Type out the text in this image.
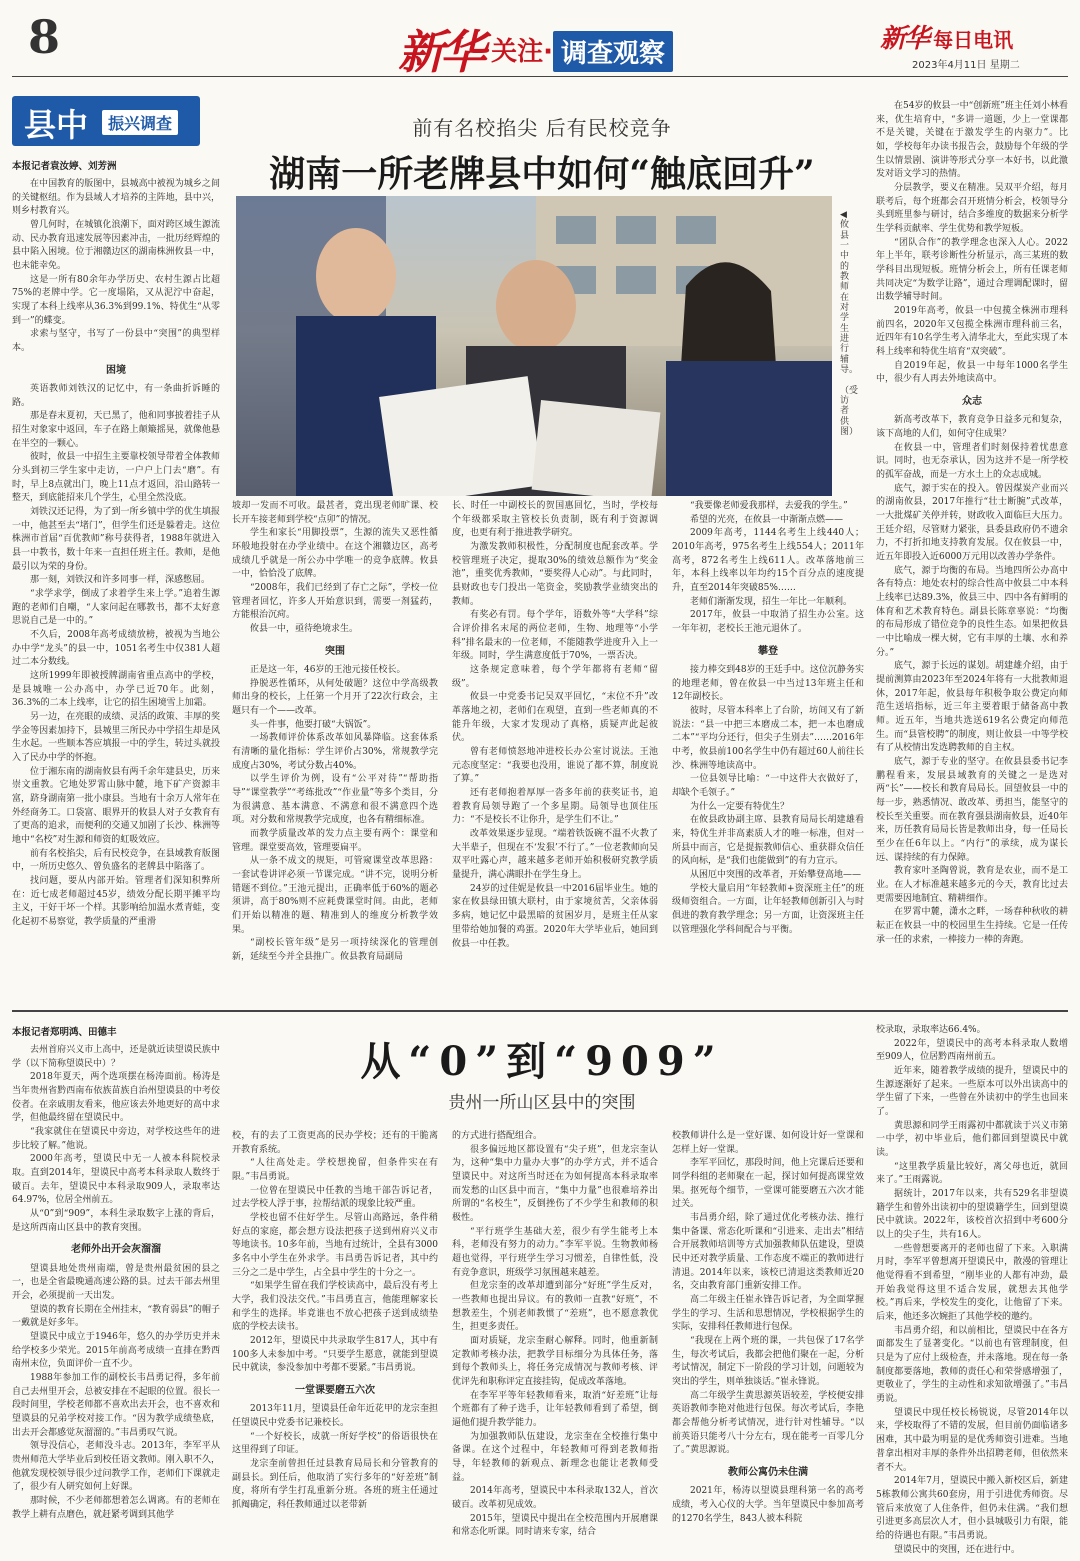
8	新华 关注· 调查观察	新华 每日电讯
2023年4月11日 星期二
县中	振兴调查
本报记者袁汝婷、刘芳洲
前有名校掐尖 后有民校竞争
湖南一所老牌县中如何“触底回升”
◀攸县一中的教师在对学生进行辅导。
（受访者供图）

在中国教育的版图中，县城高中被视为城乡之间的关键枢纽。作为县域人才培养的主阵地，县中兴，则乡村教育兴。

曾几何时，在城镇化浪潮下，面对跨区域生源流动、民办教育迅速发展等因素冲击，一批历经辉煌的县中陷入困境。位于湘赣边区的湖南株洲攸县一中，也未能幸免。

这是一所有80余年办学历史、农村生源占比超75%的老牌中学。它一度塌陷，又从泥泞中奋起，实现了本科上线率从36.3%到99.1%、特优生“从零到一”的蝶变。

求索与坚守，书写了一份县中“突围”的典型样本。

困境

英语教师刘铁汉的记忆中，有一条曲折诉睡的路。

那是春末夏初，天已黑了，他和同事披着挂子从招生对象家中返回，车子在路上颠簸摇晃，就像他悬在半空的一颗心。

彼时，攸县一中招生主要靠校领导带着全体教师分头到初三学生家中走访，一户户上门去“磨”。有时，早上8点就出门，晚上11点才返回，沿山路转一整天，到底能招来几个学生，心里全然没底。

刘铁汉还记得，为了到一所乡镇中学的优生填报一中，他甚至去“堵门”，但学生们还是躲着走。这位株洲市首届“百优教师”称号获得者，1988年就进入县一中教书，数十年来一直担任班主任。教师，是他最引以为荣的身份。

那一刻，刘铁汉和许多同事一样，深感憋屈。

“求学求学，倒成了求着学生来上学。”追着生源跑的老师们自嘲，“人家问起在哪教书，都不太好意思说自己是一中的。”

不久后，2008年高考成绩放榜，被视为当地公办中学“龙头”的县一中，1051名考生中仅381人超过二本分数线。

这所1999年即被授牌湖南省重点高中的学校，是县城唯一公办高中，办学已近70年。此刻，36.3%的二本上线率，让它的招生困境雪上加霜。

另一边，在亮眼的成绩、灵活的政策、丰厚的奖学金等因素加持下，县城里三所民办中学招生却是风生水起。一些顺本答应填报一中的学生，转过头就投入了民办中学的怀抱。

位于湘东南的湖南攸县有两千余年建县史，历来崇文重教。它地处罗霄山脉中麓，地下矿产资源丰富，跻身湖南第一批小康县。当地有十余万人常年在外经商务工。口袋富、眼界开的攸县人对子女教育有了更高的追求，而便利的交通又加剧了长沙、株洲等地中“名校”对生源和师资的虹吸效应。

前有名校掐尖，后有民校竞争，在县域教育版图中，一所历史悠久、曾负盛名的老牌县中陷落了。

找问题，要从内部开始。管理者们深知积弊所在：近七成老师超过45岁，绩效分配长期平摊平均主义，干好干坏一个样。其影响给加温水煮青蛙，变化起初不易察觉，教学质量的严重滑

坡却一发而不可收。最甚者，竟出现老师旷课、校长开车接老师到学校“点卯”的情况。

学生和家长“用脚投票”，生源的流失又恶性循环般地投射在办学业绩中。在这个湘赣边区，高考成绩几乎就是一所公办中学唯一的竞争底牌。攸县一中，恰恰没了底牌。

“2008年，我们已经到了存亡之际”，学校一位管理者回忆，许多人开始意识到，需要一剂猛药，方能根治沉疴。

攸县一中，亟待绝境求生。

突围

正是这一年，46岁的王池元接任校长。

挣脱恶性循环，从何处破题？这位中学高级教师出身的校长，上任第一个月开了22次行政会，主题只有一个——改革。

头一件事，他要打破“大锅饭”。

一场教师评价体系改革如风暴降临。这套体系有清晰的量化指标：学生评价占30%，常规教学完成度占30%，考试分数占40%。

以学生评价为例，设有“公平对待”“帮助指导”“课堂教学”“考练批改”“作业量”等多个类目，分为很满意、基本满意、不满意和很不满意四个选项。对分数和常规教学完成度，也各有精细标准。

而教学质量改革的发力点主要有两个：课堂和管理。课堂要高效，管理要扁平。

从一条不成文的规矩，可管窥课堂改革思路：一套试卷讲评必须一节课完成。“讲不完，说明分析错题不到位。”王池元提出，正确率低于60%的题必须讲，高于80%则不应耗费课堂时间。由此，老师们开始以精准的题、精准到人的维度分析教学效果。

“副校长管年级”是另一项持续深化的管理创新，延续至今并全县推广。攸县教育局副局

长、时任一中副校长的贺国惠回忆，当时，学校每个年级都采取主管校长负责制，既有利于资源调度，也更有利于推进教学研究。

为激发教师积极性，分配制度也配套改革。学校管理班子决定，提取30%的绩效总额作为“奖金池”，重奖优秀教师，“要奖得人心动”。与此同时，县财政也专门投出一笔资金，奖励教学业绩突出的教师。

有奖必有罚。每个学年，语数外等“大学科”综合评价排名末尾的两位老师，生物、地理等“小学科”排名最末的一位老师，不能随教学进度升入上一年级。同时，学生满意度低于70%，一票否决。

这条规定意味着，每个学年都将有老师“留级”。

攸县一中党委书记吴双平回忆，“末位不升”改革落地之初，老师们在观望，直到一些老师真的不能升年级，大家才发现动了真格，质疑声此起彼伏。

曾有老师愤怒地冲进校长办公室讨说法。王池元态度坚定：“我要也没用，谁说了都不算，制度说了算。”

还有老师抱着厚厚一沓多年前的获奖证书，追着教育局领导跑了一个多星期。局领导也顶住压力：“不是校长不让你升，是学生们不让。”

改革效果逐步显现。“端着铁饭碗不温不火教了大半辈子，但现在不‘发狠’不行了。”一位老教师向吴双平吐露心声，越来越多老师开始积极研究教学质量提升，满心满眼扑在学生身上。

24岁的过佳妮是攸县一中2016届毕业生。她的家在攸县绿田镇大联村，由于家境贫苦，父亲体弱多病，她记忆中最黑暗的贫困岁月，是班主任从家里带给她加餐的鸡蛋。2020年大学毕业后，她回到攸县一中任教。

“我要像老师爱我那样，去爱我的学生。”

希望的光亮，在攸县一中渐渐点燃——

2009年高考，1144名考生上线440人；2010年高考，975名考生上线554人；2011年高考，872名考生上线611人。改革落地前三年，本科上线率以年均约15个百分点的速度提升，直至2014年突破85%……

老师们渐渐发现，招生一年比一年顺利。

2017年，攸县一中取消了招生办公室。这一年年初，老校长王池元退休了。

攀登

接力棒交到48岁的王廷手中。这位沉静务实的地理老师，曾在攸县一中当过13年班主任和12年副校长。

彼时，尽管本科率上了台阶，坊间又有了新说法：“县一中把三本磨成二本，把一本也磨成二本”“平均分还行，但尖子生别去”……2016年中考，攸县前100名学生中仍有超过60人前往长沙、株洲等地读高中。

一位县领导比喻：“一中这件大衣做好了，却缺个毛领子。”

为什么一定要有特优生？

在攸县政协副主席、县教育局局长胡建雄看来，特优生并非高素质人才的唯一标准，但对一所县中而言，它是提振教师信心、重获群众信任的风向标，是“我们也能做到”的有力宣示。

从困厄中突围的改革者，开始攀登高地——

学校大量启用“年轻教师+资深班主任”的班级师资组合。一方面，让年轻教师创新引入与时俱进的教育教学理念；另一方面，让资深班主任以管理强化学科间配合与平衡。

在54岁的攸县一中“创新班”班主任刘小林看来，优生培育中，“多讲一道题，少上一堂课都不是关键，关键在于激发学生的内驱力”。比如，学校每年办读书报告会，鼓励每个年级的学生以情景剧、演讲等形式分享一本好书，以此激发对语文学习的热情。

分层教学，要义在精准。吴双平介绍，每月联考后，每个班都会召开班情分析会，校领导分头到班里参与研讨，结合多维度的数据来分析学生学科贡献率、学生优势和教学短板。

“团队合作”的教学理念也深入人心。2022年上半年，联考诊断性分析显示，高三某班的数学科目出现短板。班情分析会上，所有任课老师共同决定“为数学让路”，通过合理调配课时，留出数学辅导时间。

2019年高考，攸县一中包揽全株洲市理科前四名，2020年又包揽全株洲市理科前三名，近四年有10名学生考入清华北大，至此实现了本科上线率和特优生培育“双突破”。

自2019年起，攸县一中每年1000名学生中，很少有人再去外地读高中。

众志

新高考改革下，教育竞争日益多元和复杂，该下高地的人们，如何守住成果？

在攸县一中，管理者们时刻保持着忧患意识。同时，也无奈承认，因为这并不是一所学校的孤军奋战，而是一方水土上的众志成城。

底气，源于实在的投入。曾因煤炭产业而兴的湖南攸县，2017年推行“壮士断腕”式改革，一大批煤矿关停并转，财政收入面临巨大压力。王廷介绍，尽管财力紧张，县委县政府仍不遗余力，不打折扣地支持教育发展。仅在攸县一中，近五年即投入近6000万元用以改善办学条件。

底气，源于均衡的布局。当地四所公办高中各有特点：地处农村的综合性高中攸县二中本科上线率已达89.3%，攸县三中、四中各有鲜明的体育和艺术教育特色。副县长陈章辜说：“均衡的布局形成了错位竞争的良性生态。如果把攸县一中比喻成一棵大树，它有丰厚的土壤、水和养分。”

底气，源于长远的谋划。胡建雄介绍，由于提前测算由2023年至2024年将有一大批教师退休，2017年起，攸县每年积极争取公费定向师范生送培指标，近三年主要着眼于储备高中教师。近五年，当地共选送619名公费定向师范生。而“县管校聘”的制度，则让攸县一中等学校有了从校情出发选聘教师的自主权。

底气，源于专业的坚守。在攸县县委书记李鹏程看来，发展县域教育的关键之一是选对两“长”——校长和教育局局长。回望攸县一中的每一步，熟悉情况、敢改革、勇担当，能坚守的校长至关重要。而在教育强县湖南攸县，近40年来，历任教育局局长皆是教师出身，每一任局长至少在任6年以上。“内行”的承续，成为谋长远、谋持续的有力保障。

教育家叶圣陶曾说，教育是农业，而不是工业。在人才标准越来越多元的今天，教育比过去更需要因地制宜、精耕细作。

在罗霄中麓，潇水之畔，一场春种秋收的耕耘正在攸县一中的校园里生生持续。它是一任传承一任的求索，一棒接力一棒的奔跑。

本报记者郑明鸿、田德丰
从“0”到“909”
贵州一所山区县中的突围

去州首府兴义市上高中，还是就近读望谟民族中学（以下简称望谟民中）？

2018年夏天，两个选项摆在杨涛面前。杨涛是当年贵州省黔西南布依族苗族自治州望谟县的中考佼佼者。在亲戚朋友看来，他应该去外地更好的高中求学，但他最终留在望谟民中。

“我家就住在望谟民中旁边，对学校这些年的进步比较了解。”他说。

2000年高考，望谟民中无一人被本科院校录取。直到2014年，望谟民中高考本科录取人数终于破百。去年，望谟民中本科录取909人，录取率达64.97%，位居全州前五。

从“0”到“909”，本科生录取数字上涨的背后，是这所西南山区县中的教育突围。

老师外出开会灰溜溜

望谟县地处贵州南端，曾是贵州最贫困的县之一，也是全省最晚通高速公路的县。过去干部去州里开会，必须提前一天出发。

望谟的教育长期在全州挂末，“教育弱县”的帽子一戴就是好多年。

望谟民中成立于1946年，悠久的办学历史并未给学校多少荣光。2015年前高考成绩一直排在黔西南州末位，负面评价一直不少。

1988年参加工作的副校长韦昌勇记得，多年前自己去州里开会，总被安排在不起眼的位置。很长一段时间里，学校老师都不喜欢出去开会，也不喜欢和望谟县的兄弟学校对接工作。“因为教学成绩垫底，出去开会都感觉灰溜溜的。”韦昌勇叹气说。

领导没信心，老师没斗志。2013年，李军平从贵州师范大学毕业后到校任语文教师。刚入职不久，他就发现校领导很少过问教学工作，老师们下课就走了，很少有人研究如何上好课。

那时候，不少老师都想着怎么调离。有的老师在教学上耕有点磨色，就赶紧考调到其他学

校，有的去了工资更高的民办学校；还有的干脆离开教育系统。

“人往高处走。学校想挽留，但条件实在有限。”韦昌勇说。

一位曾在望谟民中任教的当地干部告诉记者，过去学校人浮于事，拉帮结派的现象比较严重。

学校也留不住好学生。尽管山高路远，条件稍好点的家庭，都会想方设法把孩子送到州府兴义市等地读书。10多年前，当地有过统计，全县有3000多名中小学生在外求学。韦昌勇告诉记者，其中约三分之二是中学生，占全县中学生的十分之一。

“如果学生留在我们学校读高中，最后没有考上大学，我们没法交代。”韦昌勇直言，他能理解家长和学生的选择。毕竟谁也不放心把孩子送到成绩垫底的学校去读书。

2012年，望谟民中共录取学生817人，其中有100多人未参加中考。“只要学生愿意，就能到望谟民中就读，参没参加中考都不要紧。”韦昌勇说。

一堂课要磨五六次

2013年11月，望谟县任命年近花甲的龙宗奎担任望谟民中党委书记兼校长。

“一个好校长，成就一所好学校”的俗语很快在这里得到了印证。

龙宗奎前曾担任过县教育局局长和分管教育的副县长。到任后，他取消了实行多年的“好差班”制度，将所有学生打乱重新分班。各班的班主任通过抓阄确定，科任教师通过以老带新

的方式进行搭配组合。

很多偏远地区都设置有“尖子班”，但龙宗奎认为，这种“集中力量办大事”的办学方式，并不适合望谟民中。对这所当时还在为如何提高本科录取率而发愁的山区县中而言，“集中力量”也很难培养出所谓的“名校生”，反倒挫伤了不少学生和教师的积极性。

“平行班学生基础大差，很少有学生能考上本科，老师没有努力的动力。”李军平说。生物教师杨超也觉得，平行班学生学习习惯差，自律性低，没有竞争意识，班级学习氛围越来越差。

但龙宗奎的改革却遭到部分“好班”学生反对，一些教师也提出异议。有的教师一直教“好班”，不想教差生，个别老师教惯了“差班”，也不愿意教优生，担更多责任。

面对质疑，龙宗奎耐心解释。同时，他重新制定教师考核办法，把教学目标细分为具体任务，落到每个教师头上，将任务完成情况与教师考核、评优评先和职称评定直接挂钩，促成改革落地。

在李军平等年轻教师看来，取消“好差班”让每个班都有了种子选手，让年轻教师看到了希望，倒逼他们提升教学能力。

为加强教师队伍建设，龙宗奎在全校推行集中备课。在这个过程中，年轻教师可得到老教师指导，年轻教师的新观点、新理念也能让老教师受益。

2014年高考，望谟民中本科录取132人，首次破百。改革初见成效。

2015年，望谟民中提出在全校范围内开展磨课和常态化听课。同时请来专家，结合

校教师讲什么是一堂好课、如何设计好一堂课和怎样上好一堂课。

李军平回忆，那段时间，他上完课后还要和同学科组的老师聚在一起，探讨如何提高课堂效果。抠死每个细节，一堂课可能要磨五六次才能过关。

韦昌勇介绍，除了通过优化考核办法、推行集中备课、常态化听课和“引进来、走出去”相结合开展教师培训等方式加强教师队伍建设，望谟民中还对教学质量、工作态度不端正的教师进行清退。2014年以来，该校已清退这类教师近20名，交由教育部门重新安排工作。

高二年级主任崔永锋告诉记者，为全面掌握学生的学习、生活和思想情况，学校根据学生的实际，安排科任教师进行包保。

“我现在上两个班的课，一共包保了17名学生，每次考试后，我都会把他们聚在一起，分析考试情况，制定下一阶段的学习计划，问题较为突出的学生，则单独谈话。”崔永锋说。

高二年级学生黄思源英语较差，学校便安排英语教师李艳对他进行包保。每次考试后，李艳都会帮他分析考试情况，进行针对性辅导。“以前英语只能考八十分左右，现在能考一百零几分了。”黄思源说。

教师公寓仍未住满

2021年，杨涛以望谟县理科第一名的高考成绩，考入心仪的大学。当年望谟民中参加高考的1270名学生，843人被本科院

校录取，录取率达66.4%。

2022年，望谟民中的高考本科录取人数增至909人，位居黔西南州前五。

近年来，随着教学成绩的提升，望谟民中的生源逐渐好了起来。一些原本可以外出读高中的学生留了下来，一些曾在外读初中的学生也回来了。

黄思源和同学王雨露初中都就读于兴义市第一中学，初中毕业后，他们都回到望谟民中就读。

“这里教学质量比较好，离父母也近，就回来了。”王雨露说。

据统计，2017年以来，共有529名非望谟籍学生和曾外出读初中的望谟籍学生，回到望谟民中就读。2022年，该校首次招到中考600分以上的尖子生，共有16人。

一些曾想要离开的老师也留了下来。入职满月时，李军平曾想离开望谟民中，散漫的管理让他觉得看不到希望，“刚毕业的人都有冲劲，最开始我觉得这里不适合发展，就想去其他学校。”再后来，学校发生的变化，让他留了下来。后来，他还多次婉拒了其他学校的邀约。

韦昌勇介绍，和以前相比，望谟民中在各方面都发生了显著变化。“以前也有管理制度，但只是为了应付上级检查，并未落地。现在每一条制度都要落地，教师的责任心和荣誉感增强了，更敬业了，学生的主动性和求知欲增强了。”韦昌勇说。

望谟民中现任校长杨锐说，尽管2014年以来，学校取得了不错的发展，但目前仍面临诸多困难，其中最为明显的是优秀师资引进难。当地普拿出相对丰厚的条件外出招聘老师，但依然来者不大。

2014年7月，望谟民中搬入新校区后，新建5栋教师公寓共60套房，用于引进优秀师资。尽管后来放宽了人住条件，但仍未住满。“我们想引进更多高层次人才，但小县城吸引力有限，能给的待遇也有限。”韦昌勇说。

望谟民中的突围，还在进行中。
